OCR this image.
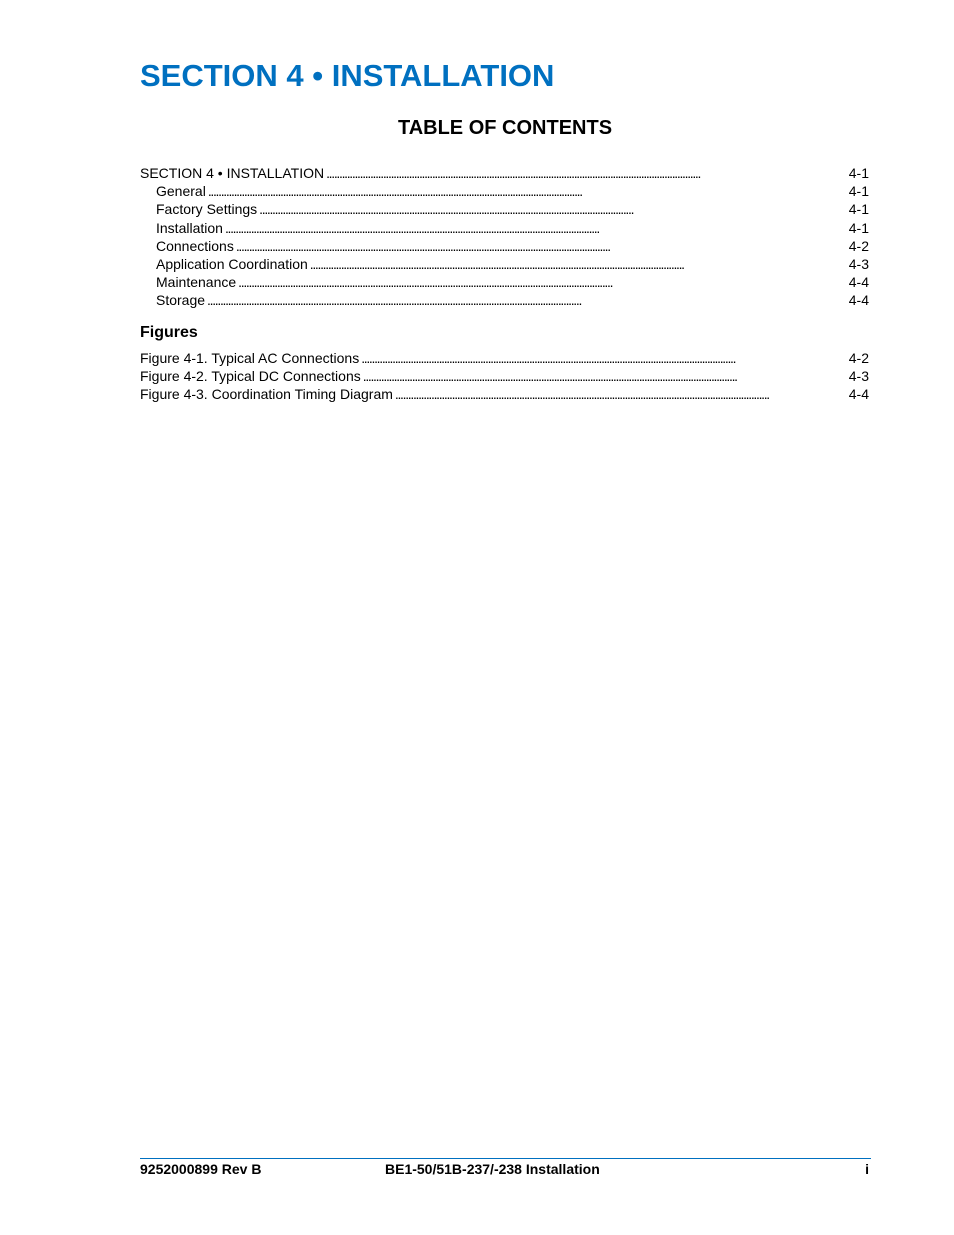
SECTION 4 • INSTALLATION
TABLE OF CONTENTS
SECTION 4 • INSTALLATION . . .	4-1
General . . .	4-1
Factory Settings . . .	4-1
Installation . . .	4-1
Connections . . .	4-2
Application Coordination . . .	4-3
Maintenance . . .	4-4
Storage . . .	4-4
Figures
Figure 4-1. Typical AC Connections . . .	4-2
Figure 4-2. Typical DC Connections . . .	4-3
Figure 4-3. Coordination Timing Diagram . . .	4-4
9252000899 Rev B	BE1-50/51B-237/-238 Installation	i
